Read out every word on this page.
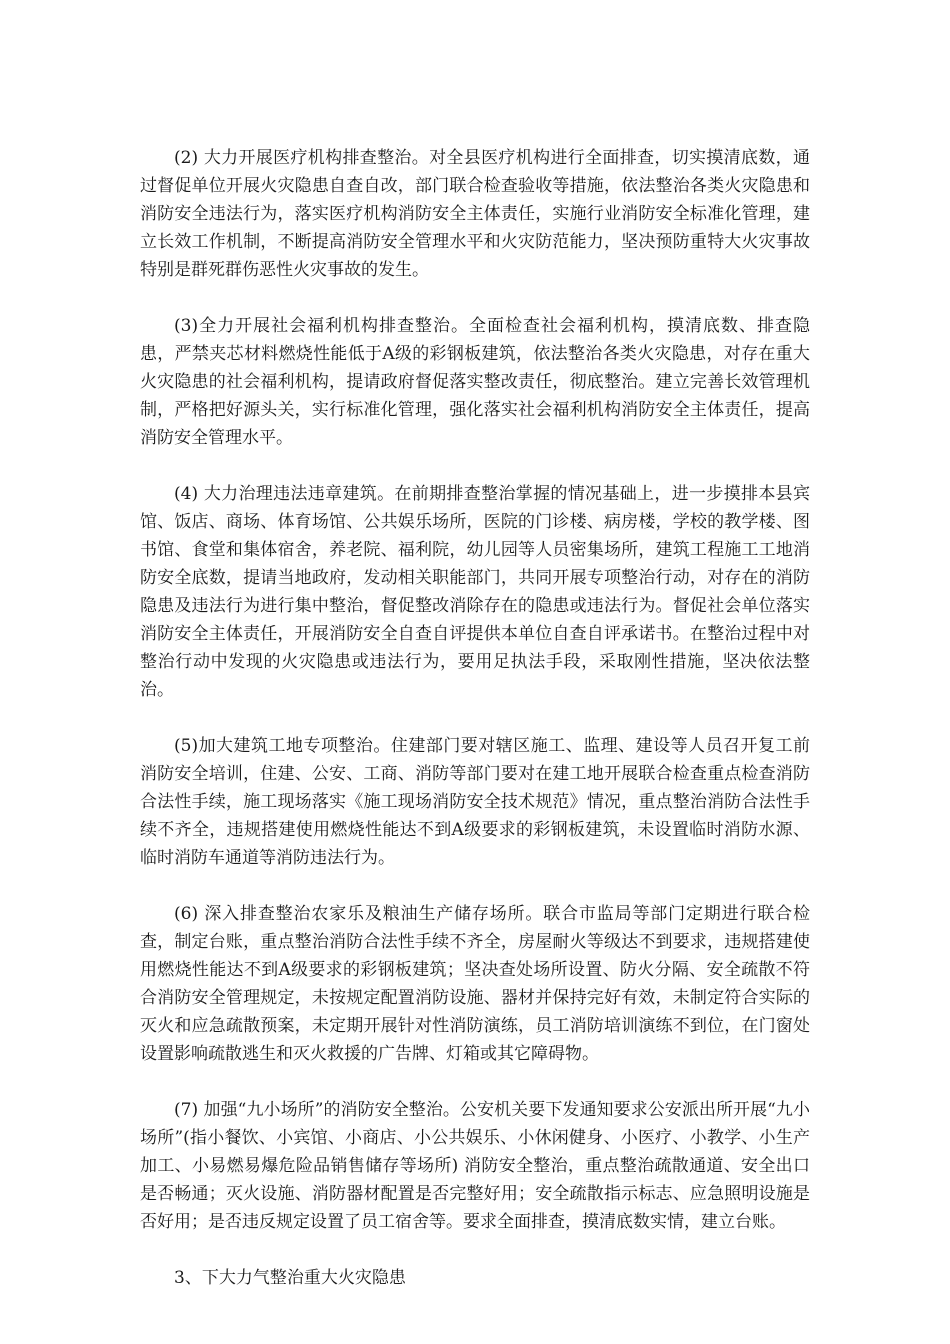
(2) 大力开展医疗机构排查整治。对全县医疗机构进行全面排查，切实摸清底数，通过督促单位开展火灾隐患自查自改，部门联合检查验收等措施，依法整治各类火灾隐患和消防安全违法行为，落实医疗机构消防安全主体责任，实施行业消防安全标准化管理，建立长效工作机制，不断提高消防安全管理水平和火灾防范能力，坚决预防重特大火灾事故特别是群死群伤恶性火灾事故的发生。

(3)全力开展社会福利机构排查整治。全面检查社会福利机构，摸清底数、排查隐患，严禁夹芯材料燃烧性能低于A级的彩钢板建筑，依法整治各类火灾隐患，对存在重大火灾隐患的社会福利机构，提请政府督促落实整改责任，彻底整治。建立完善长效管理机制，严格把好源头关，实行标准化管理，强化落实社会福利机构消防安全主体责任，提高消防安全管理水平。

(4) 大力治理违法违章建筑。在前期排查整治掌握的情况基础上，进一步摸排本县宾馆、饭店、商场、体育场馆、公共娱乐场所，医院的门诊楼、病房楼，学校的教学楼、图书馆、食堂和集体宿舍，养老院、福利院，幼儿园等人员密集场所，建筑工程施工工地消防安全底数，提请当地政府，发动相关职能部门，共同开展专项整治行动，对存在的消防隐患及违法行为进行集中整治，督促整改消除存在的隐患或违法行为。督促社会单位落实消防安全主体责任，开展消防安全自查自评提供本单位自查自评承诺书。在整治过程中对整治行动中发现的火灾隐患或违法行为，要用足执法手段，采取刚性措施，坚决依法整治。

(5)加大建筑工地专项整治。住建部门要对辖区施工、监理、建设等人员召开复工前消防安全培训，住建、公安、工商、消防等部门要对在建工地开展联合检查重点检查消防合法性手续，施工现场落实《施工现场消防安全技术规范》情况，重点整治消防合法性手续不齐全，违规搭建使用燃烧性能达不到A级要求的彩钢板建筑，未设置临时消防水源、临时消防车通道等消防违法行为。

(6) 深入排查整治农家乐及粮油生产储存场所。联合市监局等部门定期进行联合检查，制定台账，重点整治消防合法性手续不齐全，房屋耐火等级达不到要求，违规搭建使用燃烧性能达不到A级要求的彩钢板建筑；坚决查处场所设置、防火分隔、安全疏散不符合消防安全管理规定，未按规定配置消防设施、器材并保持完好有效，未制定符合实际的灭火和应急疏散预案，未定期开展针对性消防演练，员工消防培训演练不到位，在门窗处设置影响疏散逃生和灭火救援的广告牌、灯箱或其它障碍物。

(7) 加强“九小场所”的消防安全整治。公安机关要下发通知要求公安派出所开展“九小场所”(指小餐饮、小宾馆、小商店、小公共娱乐、小休闲健身、小医疗、小教学、小生产加工、小易燃易爆危险品销售储存等场所) 消防安全整治，重点整治疏散通道、安全出口是否畅通；灭火设施、消防器材配置是否完整好用；安全疏散指示标志、应急照明设施是否好用；是否违反规定设置了员工宿舍等。要求全面排查，摸清底数实情，建立台账。

3、下大力气整治重大火灾隐患
